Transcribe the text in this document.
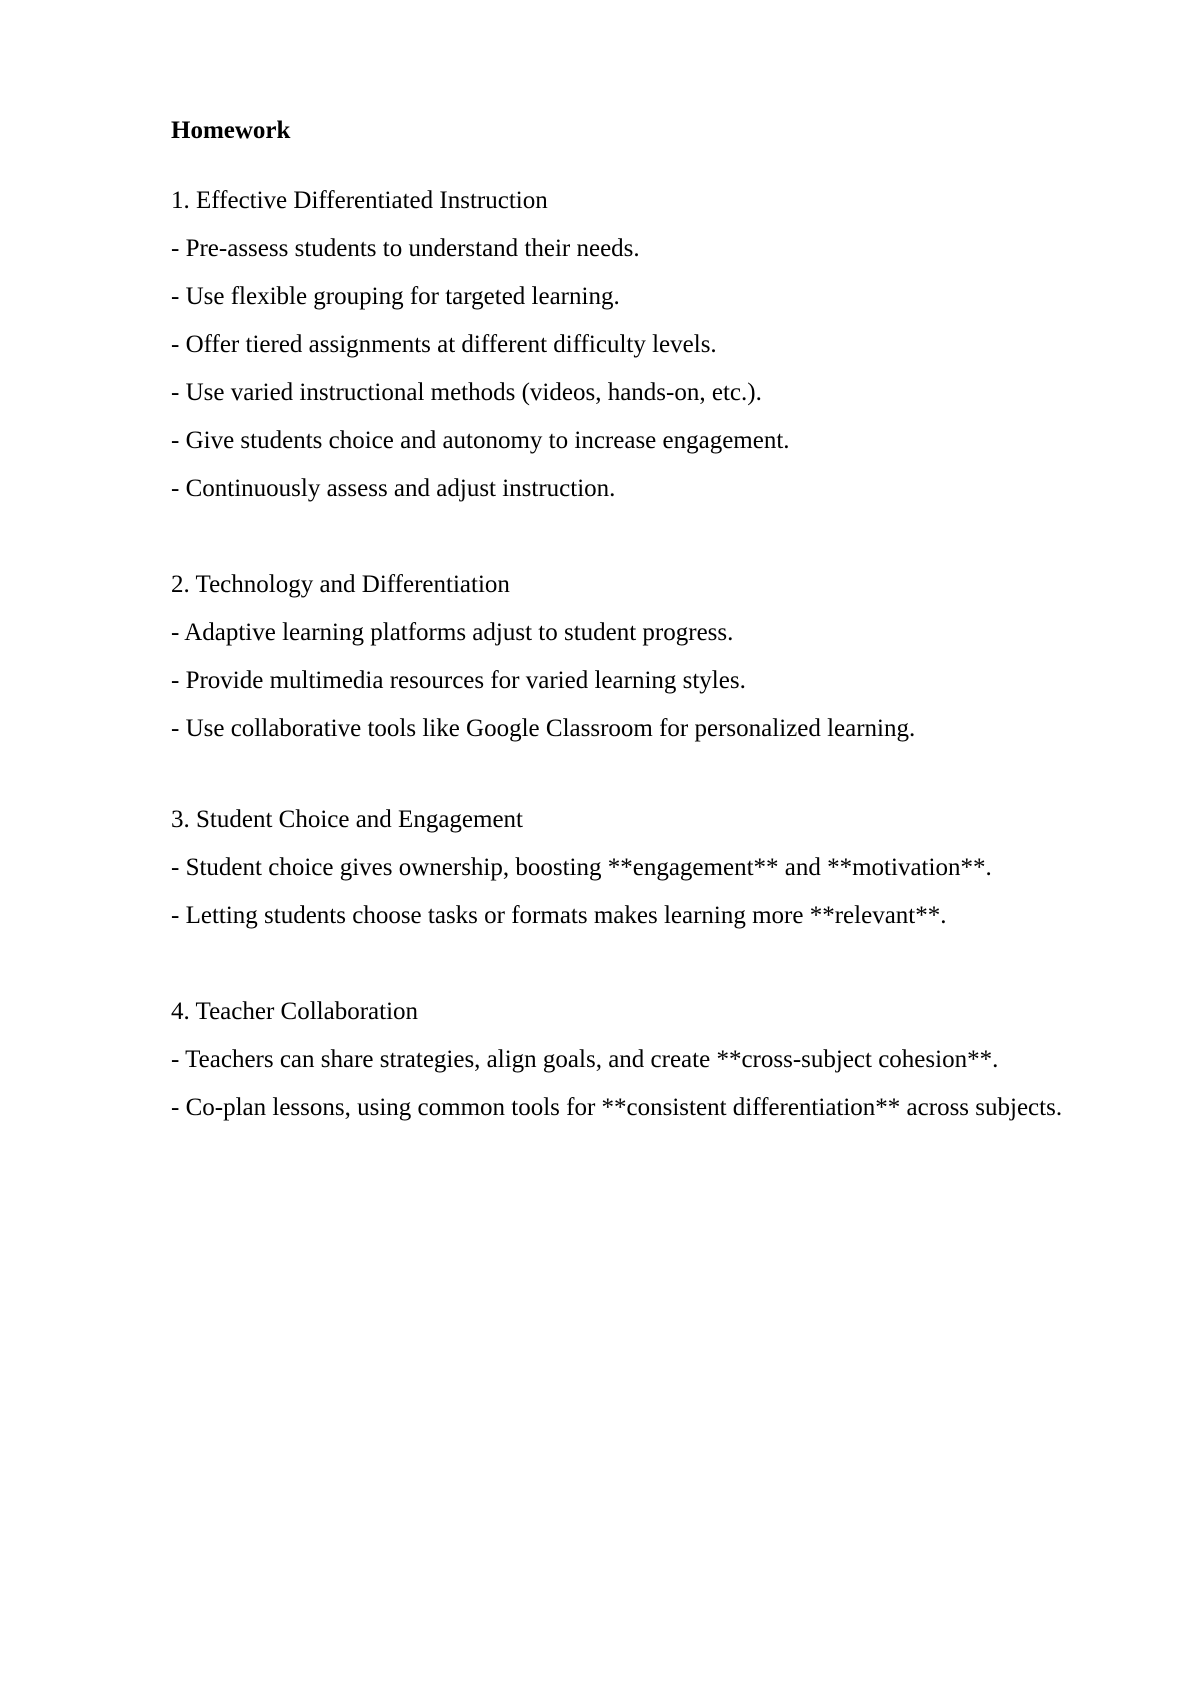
Homework
1. Effective Differentiated Instruction
- Pre-assess students to understand their needs.
- Use flexible grouping for targeted learning.
- Offer tiered assignments at different difficulty levels.
- Use varied instructional methods (videos, hands-on, etc.).
- Give students choice and autonomy to increase engagement.
- Continuously assess and adjust instruction.
2. Technology and Differentiation
- Adaptive learning platforms adjust to student progress.
- Provide multimedia resources for varied learning styles.
- Use collaborative tools like Google Classroom for personalized learning.
3. Student Choice and Engagement
- Student choice gives ownership, boosting **engagement** and **motivation**.
- Letting students choose tasks or formats makes learning more **relevant**.
4. Teacher Collaboration
- Teachers can share strategies, align goals, and create **cross-subject cohesion**.
- Co-plan lessons, using common tools for **consistent differentiation** across subjects.
